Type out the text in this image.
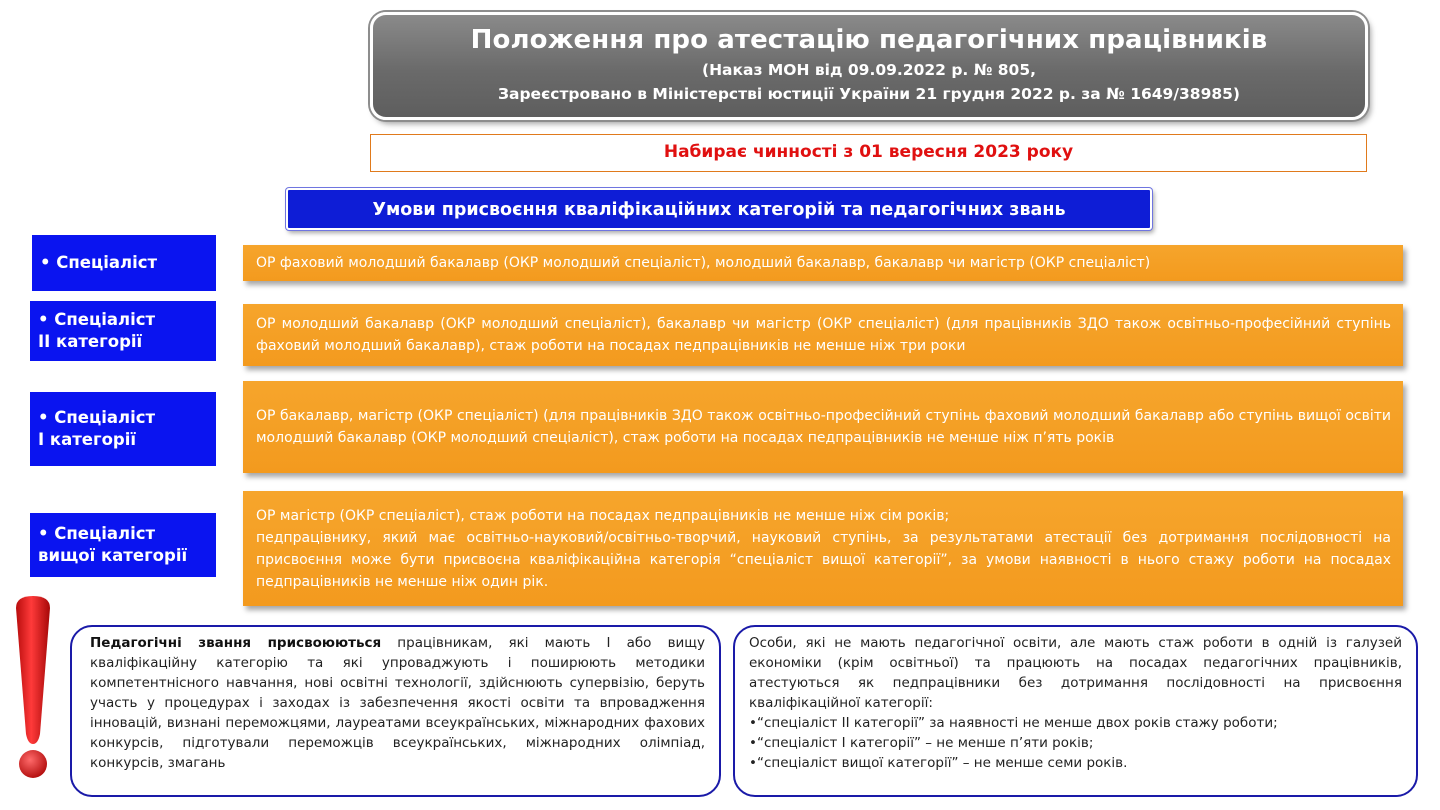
Положення про атестацію педагогічних працівників
(Наказ МОН від 09.09.2022 р. № 805,
Зареєстровано в Міністерстві юстиції України 21 грудня 2022 р. за № 1649/38985)
Набирає чинності з 01 вересня 2023 року
Умови присвоєння кваліфікаційних категорій та педагогічних звань
• Спеціаліст	ОР фаховий молодший бакалавр (ОКР молодший спеціаліст), молодший бакалавр, бакалавр чи магістр (ОКР спеціаліст)
• Спеціаліст
ІІ категорії
ОР молодший бакалавр (ОКР молодший спеціаліст), бакалавр чи магістр (ОКР спеціаліст) (для працівників ЗДО також освітньо-професійний ступінь фаховий молодший бакалавр), стаж роботи на посадах педпрацівників не менше ніж три роки
• Спеціаліст
І категорії
ОР бакалавр, магістр (ОКР спеціаліст) (для працівників ЗДО також освітньо-професійний ступінь фаховий молодший бакалавр або ступінь вищої освіти молодший бакалавр (ОКР молодший спеціаліст), стаж роботи на посадах педпрацівників не менше ніж п’ять років
• Спеціаліст
вищої категорії
ОР магістр (ОКР спеціаліст), стаж роботи на посадах педпрацівників не менше ніж сім років;
педпрацівнику, який має освітньо-науковий/освітньо-творчий, науковий ступінь, за результатами атестації без дотримання послідовності на присвоєння може бути присвоєна кваліфікаційна категорія “спеціаліст вищої категорії”, за умови наявності в нього стажу роботи на посадах педпрацівників не менше ніж один рік.
Педагогічні звання присвоюються працівникам, які мають І або вищу кваліфікаційну категорію та які упроваджують і поширюють методики компетентнісного навчання, нові освітні технології, здійснюють супервізію, беруть участь у процедурах і заходах із забезпечення якості освіти та впровадження інновацій, визнані переможцями, лауреатами всеукраїнських, міжнародних фахових конкурсів, підготували переможців всеукраїнських, міжнародних олімпіад, конкурсів, змагань
Особи, які не мають педагогічної освіти, але мають стаж роботи в одній із галузей економіки (крім освітньої) та працюють на посадах педагогічних працівників, атестуються як педпрацівники без дотримання послідовності на присвоєння кваліфікаційної категорії:
•“спеціаліст ІІ категорії” за наявності не менше двох років стажу роботи;
•“спеціаліст І категорії” – не менше п’яти років;
•“спеціаліст вищої категорії” – не менше семи років.
